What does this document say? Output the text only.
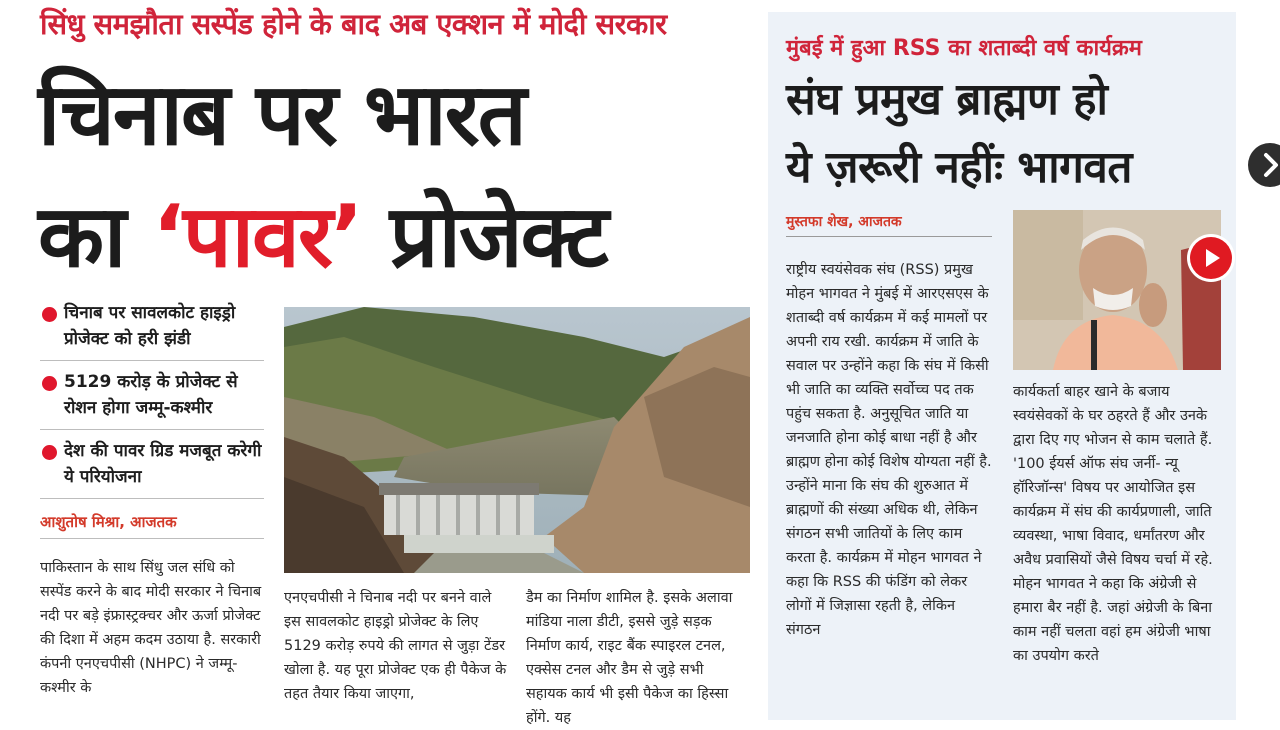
सिंधु समझौता सस्पेंड होने के बाद अब एक्शन में मोदी सरकार
चिनाब पर भारत
का ‘पावर’ प्रोजेक्ट
चिनाब पर सावलकोट हाइड्रो प्रोजेक्ट को हरी झंडी
5129 करोड़ के प्रोजेक्ट से रोशन होगा जम्मू-कश्मीर
देश की पावर ग्रिड मजबूत करेगी ये परियोजना
आशुतोष मिश्रा, आजतक
पाकिस्तान के साथ सिंधु जल संधि को सस्पेंड करने के बाद मोदी सरकार ने चिनाब नदी पर बड़े इंफ्रास्ट्रक्चर और ऊर्जा प्रोजेक्ट की दिशा में अहम कदम उठाया है. सरकारी कंपनी एनएचपीसी (NHPC) ने जम्मू-कश्मीर के
एनएचपीसी ने चिनाब नदी पर बनने वाले इस सावलकोट हाइड्रो प्रोजेक्ट के लिए 5129 करोड़ रुपये की लागत से जुड़ा टेंडर खोला है. यह पूरा प्रोजेक्ट एक ही पैकेज के तहत तैयार किया जाएगा,
डैम का निर्माण शामिल है. इसके अलावा मांडिया नाला डीटी, इससे जुड़े सड़क निर्माण कार्य, राइट बैंक स्पाइरल टनल, एक्सेस टनल और डैम से जुड़े सभी सहायक कार्य भी इसी पैकेज का हिस्सा होंगे. यह
मुंबई में हुआ RSS का शताब्दी वर्ष कार्यक्रम
संघ प्रमुख ब्राह्मण हो
ये ज़रूरी नहींः भागवत
मुस्तफा शेख, आजतक
राष्ट्रीय स्वयंसेवक संघ (RSS) प्रमुख मोहन भागवत ने मुंबई में आरएसएस के शताब्दी वर्ष कार्यक्रम में कई मामलों पर अपनी राय रखी. कार्यक्रम में जाति के सवाल पर उन्होंने कहा कि संघ में किसी भी जाति का व्यक्ति सर्वोच्च पद तक पहुंच सकता है. अनुसूचित जाति या जनजाति होना कोई बाधा नहीं है और ब्राह्मण होना कोई विशेष योग्यता नहीं है. उन्होंने माना कि संघ की शुरुआत में ब्राह्मणों की संख्या अधिक थी, लेकिन संगठन सभी जातियों के लिए काम करता है. कार्यक्रम में मोहन भागवत ने कहा कि RSS की फंडिंग को लेकर लोगों में जिज्ञासा रहती है, लेकिन संगठन
कार्यकर्ता बाहर खाने के बजाय स्वयंसेवकों के घर ठहरते हैं और उनके द्वारा दिए गए भोजन से काम चलाते हैं. '100 ईयर्स ऑफ संघ जर्नी- न्यू हॉरिजॉन्स' विषय पर आयोजित इस कार्यक्रम में संघ की कार्यप्रणाली, जाति व्यवस्था, भाषा विवाद, धर्मांतरण और अवैध प्रवासियों जैसे विषय चर्चा में रहे. मोहन भागवत ने कहा कि अंग्रेजी से हमारा बैर नहीं है. जहां अंग्रेजी के बिना काम नहीं चलता वहां हम अंग्रेजी भाषा का उपयोग करते
